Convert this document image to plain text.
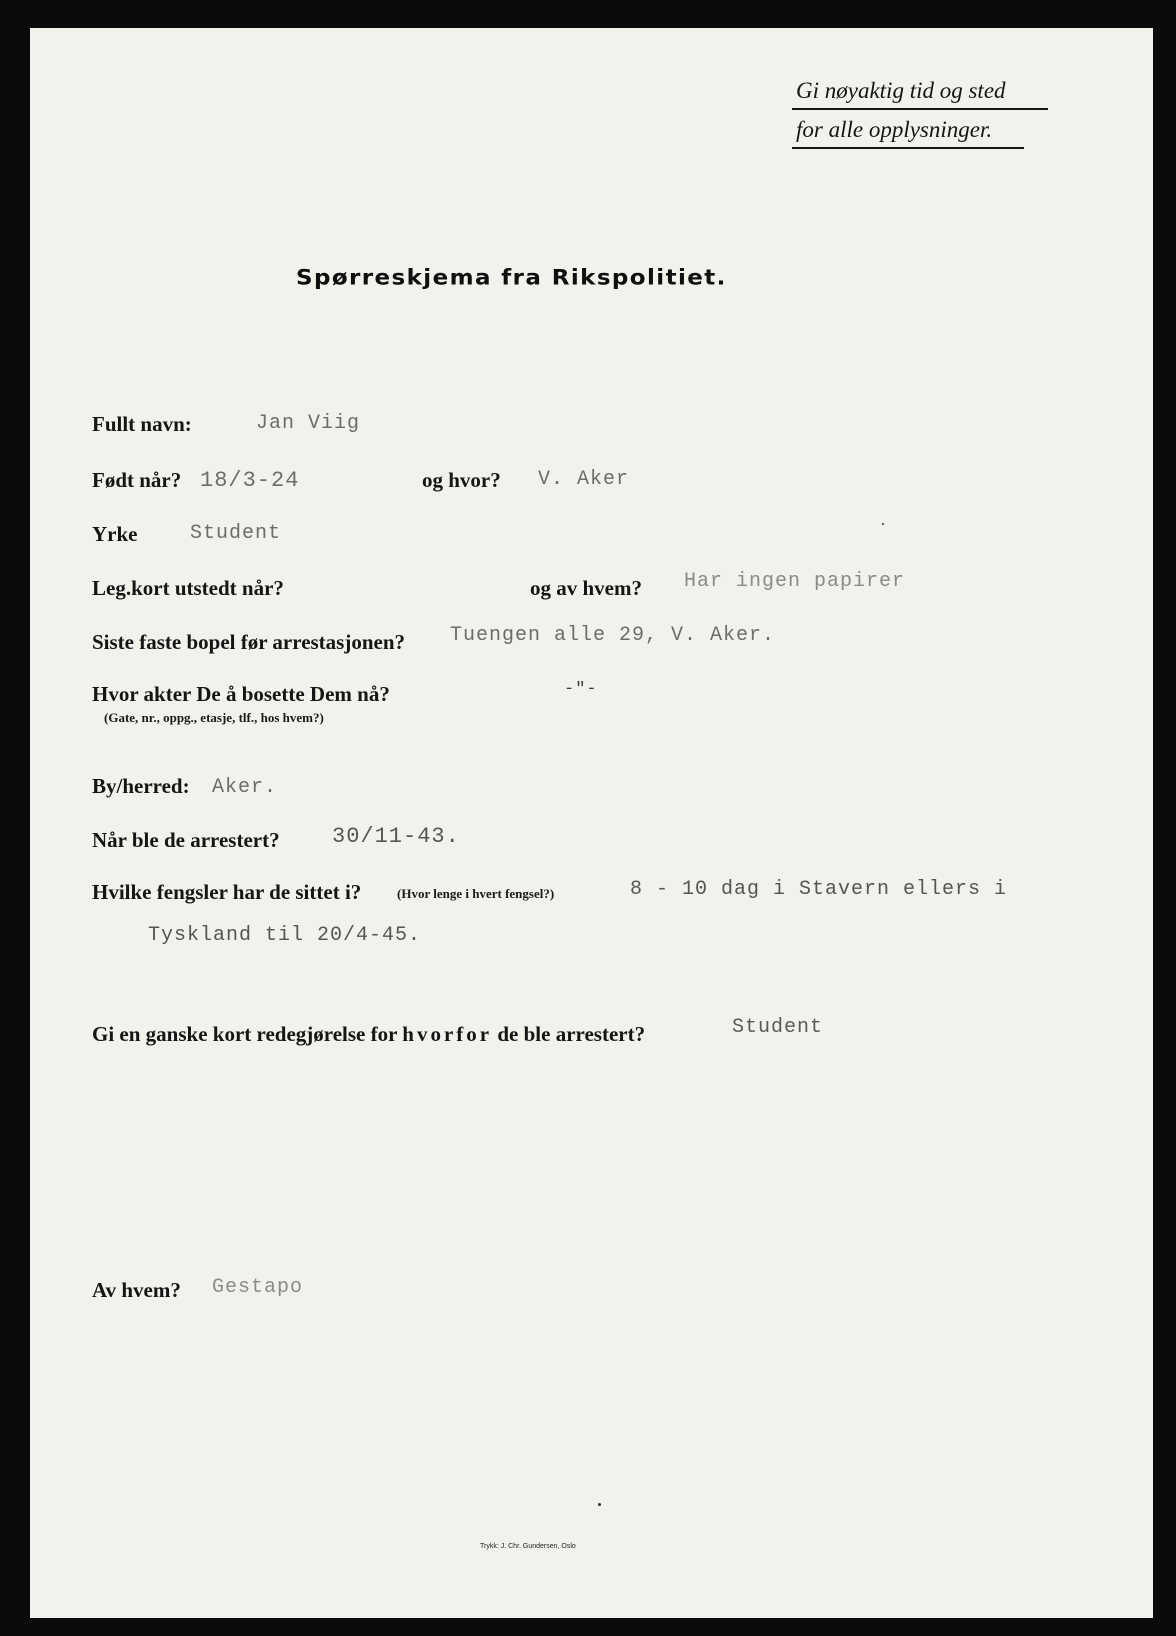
Gi nøyaktig tid og sted
for alle opplysninger.
Spørreskjema fra Rikspolitiet.
Fullt navn:	Jan Viig
Født når? 18/3-24	og hvor? V. Aker
Yrke	Student
Leg.kort utstedt når?	og av hvem? Har ingen papirer
Siste faste bopel før arrestasjonen? Tuengen alle 29, V. Aker.
Hvor akter De å bosette Dem nå?
(Gate, nr., oppg., etasje, tlf., hos hvem?)
-"-
By/herred: Aker.
Når ble de arrestert? 30/11-43.
Hvilke fengsler har de sittet i?	(Hvor lenge i hvert fengsel?)	8 - 10 dag i Stavern ellers i
Tyskland til 20/4-45.
Gi en ganske kort redegjørelse for hvorfor de ble arrestert?	Student
Av hvem? Gestapo
Trykk: J. Chr. Gundersen, Oslo
